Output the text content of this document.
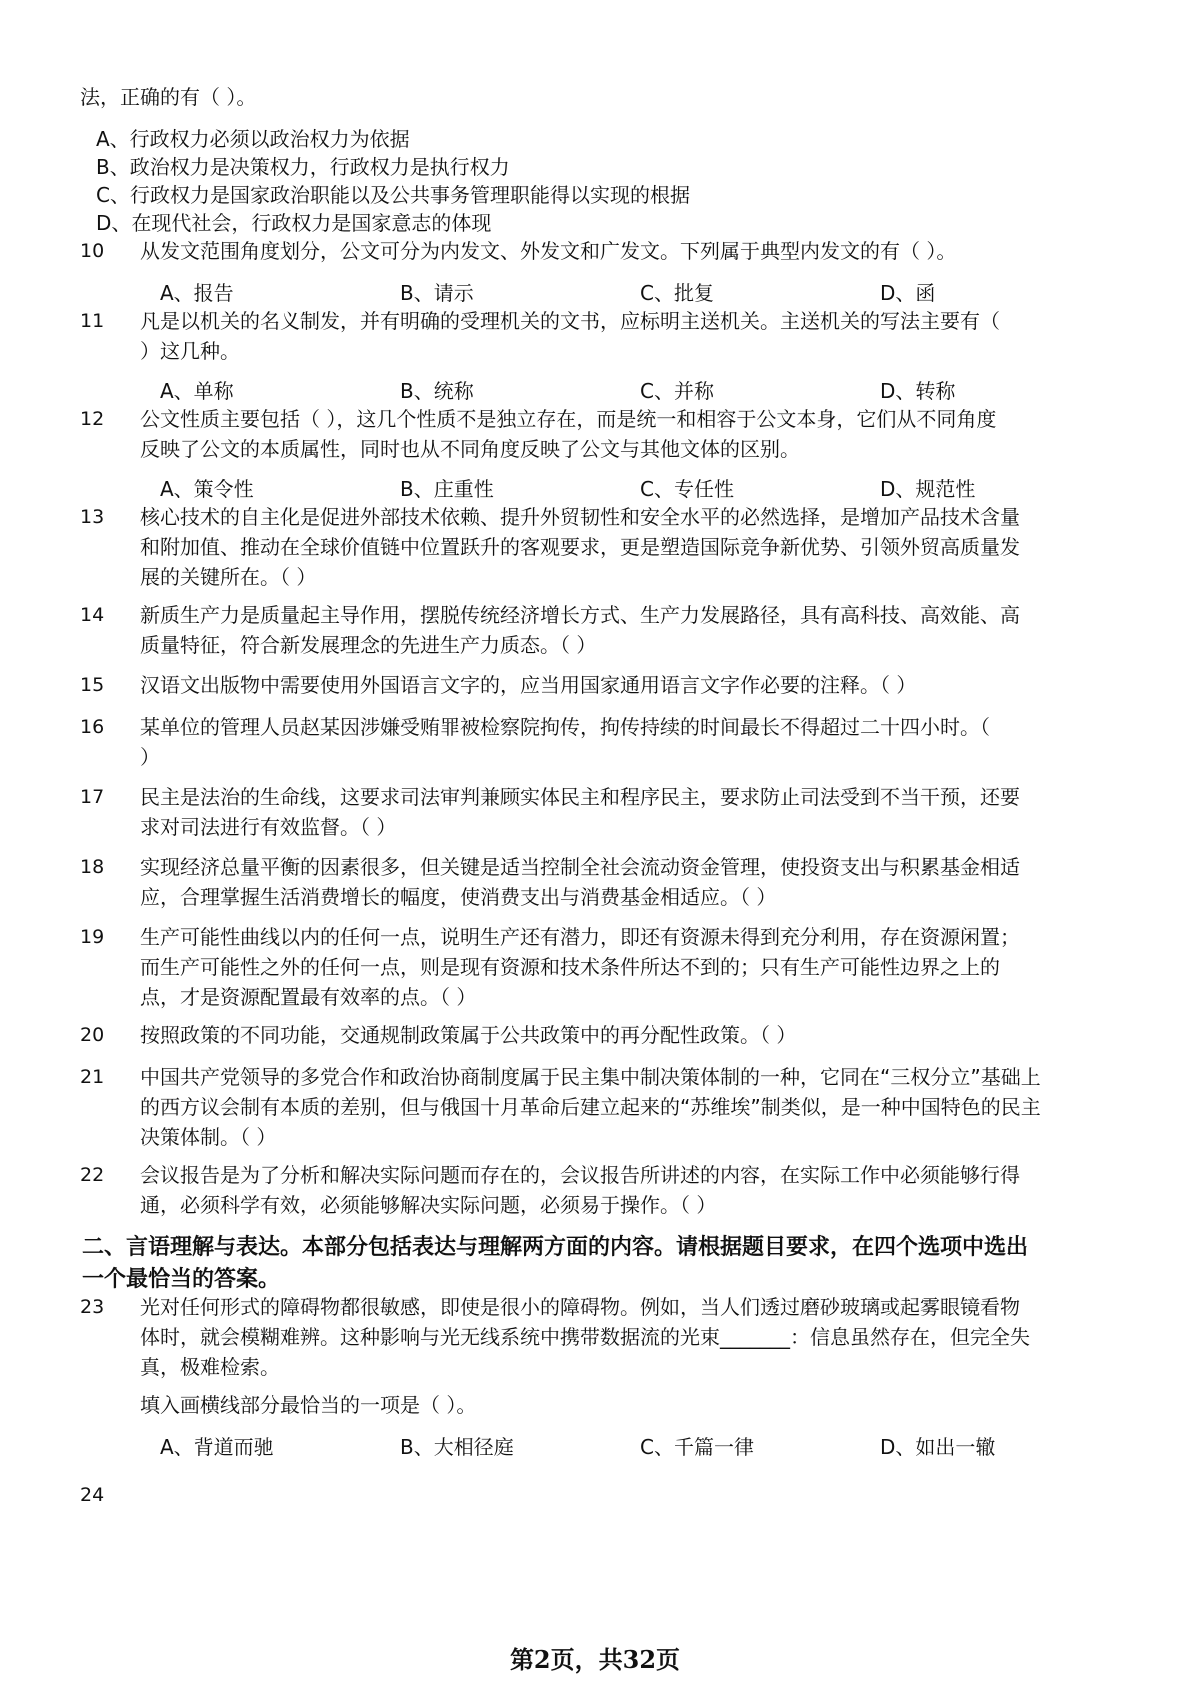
法，正确的有（ ）。
A、行政权力必须以政治权力为依据
B、政治权力是决策权力，行政权力是执行权力
C、行政权力是国家政治职能以及公共事务管理职能得以实现的根据
D、在现代社会，行政权力是国家意志的体现
10 从发文范围角度划分，公文可分为内发文、外发文和广发文。下列属于典型内发文的有（ ）。
A、报告	B、请示	C、批复	D、函
11 凡是以机关的名义制发，并有明确的受理机关的文书，应标明主送机关。主送机关的写法主要有（
）这几种。
A、单称	B、统称	C、并称	D、转称
12 公文性质主要包括（ ），这几个性质不是独立存在，而是统一和相容于公文本身，它们从不同角度
反映了公文的本质属性，同时也从不同角度反映了公文与其他文体的区别。
A、策令性	B、庄重性	C、专任性	D、规范性
13 核心技术的自主化是促进外部技术依赖、提升外贸韧性和安全水平的必然选择，是增加产品技术含量
和附加值、推动在全球价值链中位置跃升的客观要求，更是塑造国际竞争新优势、引领外贸高质量发
展的关键所在。（ ）
14 新质生产力是质量起主导作用，摆脱传统经济增长方式、生产力发展路径，具有高科技、高效能、高
质量特征，符合新发展理念的先进生产力质态。（ ）
15 汉语文出版物中需要使用外国语言文字的，应当用国家通用语言文字作必要的注释。（ ）
16 某单位的管理人员赵某因涉嫌受贿罪被检察院拘传，拘传持续的时间最长不得超过二十四小时。（
）
17 民主是法治的生命线，这要求司法审判兼顾实体民主和程序民主，要求防止司法受到不当干预，还要
求对司法进行有效监督。（ ）
18 实现经济总量平衡的因素很多，但关键是适当控制全社会流动资金管理，使投资支出与积累基金相适
应，合理掌握生活消费增长的幅度，使消费支出与消费基金相适应。（ ）
19 生产可能性曲线以内的任何一点，说明生产还有潜力，即还有资源未得到充分利用，存在资源闲置；
而生产可能性之外的任何一点，则是现有资源和技术条件所达不到的；只有生产可能性边界之上的
点，才是资源配置最有效率的点。（ ）
20 按照政策的不同功能，交通规制政策属于公共政策中的再分配性政策。（ ）
21 中国共产党领导的多党合作和政治协商制度属于民主集中制决策体制的一种，它同在“三权分立”基础上
的西方议会制有本质的差别，但与俄国十月革命后建立起来的“苏维埃”制类似，是一种中国特色的民主
决策体制。（ ）
22 会议报告是为了分析和解决实际问题而存在的，会议报告所讲述的内容，在实际工作中必须能够行得
通，必须科学有效，必须能够解决实际问题，必须易于操作。（ ）
二、言语理解与表达。本部分包括表达与理解两方面的内容。请根据题目要求，在四个选项中选出
一个最恰当的答案。
23 光对任何形式的障碍物都很敏感，即使是很小的障碍物。例如，当人们透过磨砂玻璃或起雾眼镜看物
体时，就会模糊难辨。这种影响与光无线系统中携带数据流的光束_______：信息虽然存在，但完全失
真，极难检索。
填入画横线部分最恰当的一项是（ ）。
A、背道而驰	B、大相径庭	C、千篇一律	D、如出一辙
24
第2页，共32页
